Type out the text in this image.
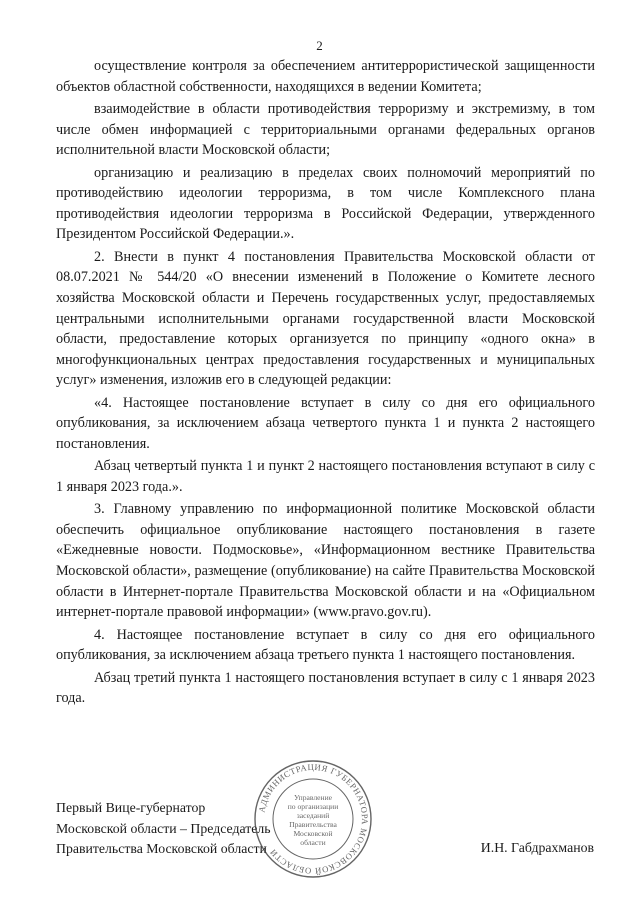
2

осуществление контроля за обеспечением антитеррористической защищенности объектов областной собственности, находящихся в ведении Комитета;

взаимодействие в области противодействия терроризму и экстремизму, в том числе обмен информацией с территориальными органами федеральных органов исполнительной власти Московской области;

организацию и реализацию в пределах своих полномочий мероприятий по противодействию идеологии терроризма, в том числе Комплексного плана противодействия идеологии терроризма в Российской Федерации, утвержденного Президентом Российской Федерации.».

2. Внести в пункт 4 постановления Правительства Московской области от 08.07.2021 № 544/20 «О внесении изменений в Положение о Комитете лесного хозяйства Московской области и Перечень государственных услуг, предоставляемых центральными исполнительными органами государственной власти Московской области, предоставление которых организуется по принципу «одного окна» в многофункциональных центрах предоставления государственных и муниципальных услуг» изменения, изложив его в следующей редакции:

«4. Настоящее постановление вступает в силу со дня его официального опубликования, за исключением абзаца четвертого пункта 1 и пункта 2 настоящего постановления.

Абзац четвертый пункта 1 и пункт 2 настоящего постановления вступают в силу с 1 января 2023 года.».

3. Главному управлению по информационной политике Московской области обеспечить официальное опубликование настоящего постановления в газете «Ежедневные новости. Подмосковье», «Информационном вестнике Правительства Московской области», размещение (опубликование) на сайте Правительства Московской области в Интернет-портале Правительства Московской области и на «Официальном интернет-портале правовой информации» (www.pravo.gov.ru).

4. Настоящее постановление вступает в силу со дня его официального опубликования, за исключением абзаца третьего пункта 1 настоящего постановления.

Абзац третий пункта 1 настоящего постановления вступает в силу с 1 января 2023 года.

Первый Вице-губернатор
Московской области – Председатель
Правительства Московской области	И.Н. Габдрахманов
АДМИНИСТРАЦИЯ ГУБЕРНАТОРА МОСКОВСКОЙ ОБЛАСТИ
Управление
по организации
заседаний
Правительства
Московской
области
